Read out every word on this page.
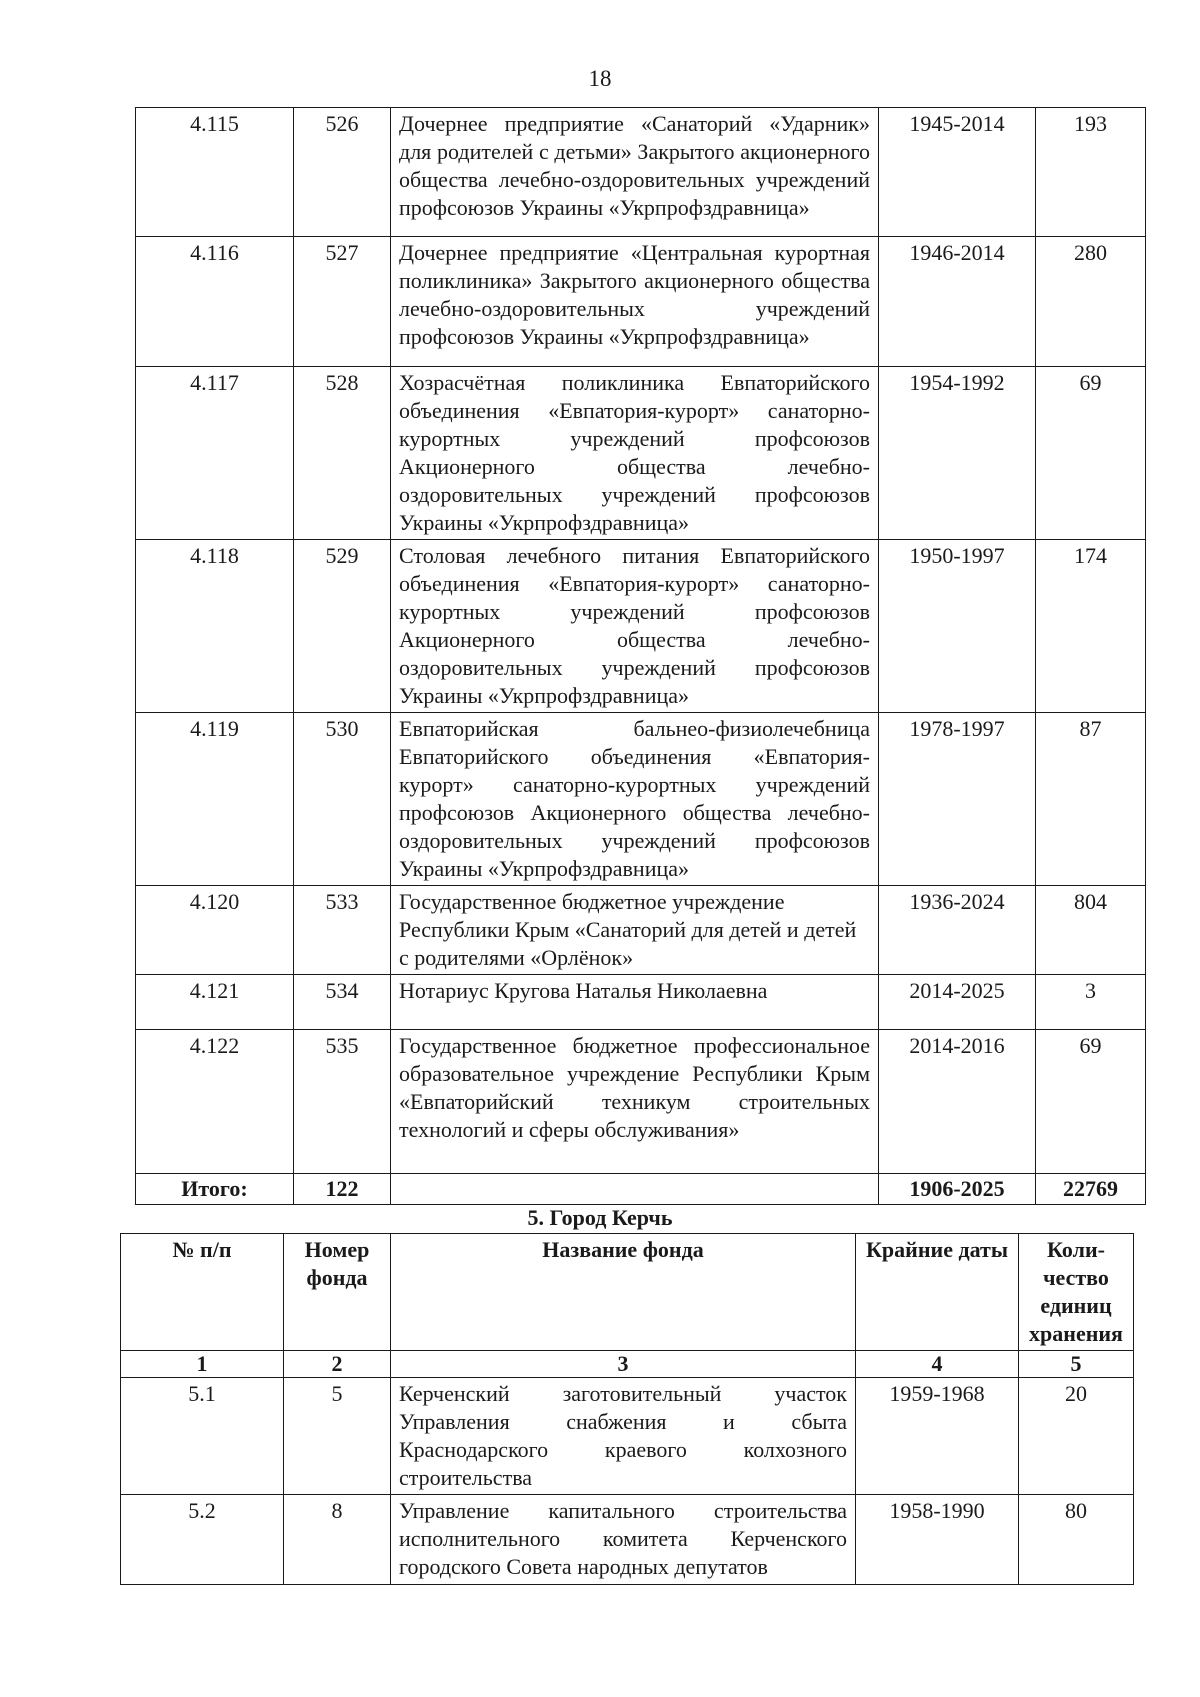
18
4.115	526	Дочернее предприятие «Санаторий «Ударник» для родителей с детьми» Закрытого акционерного общества лечебно-оздоровительных учреждений профсоюзов Украины «Укрпрофздравница»	1945-2014	193
4.116	527	Дочернее предприятие «Центральная курортная поликлиника» Закрытого акционерного общества лечебно-оздоровительных учреждений профсоюзов Украины «Укрпрофздравница»	1946-2014	280
4.117	528	Хозрасчётная поликлиника Евпаторийского объединения «Евпатория-курорт» санаторно-курортных учреждений профсоюзов Акционерного общества лечебно-оздоровительных учреждений профсоюзов Украины «Укрпрофздравница»	1954-1992	69
4.118	529	Столовая лечебного питания Евпаторийского объединения «Евпатория-курорт» санаторно-курортных учреждений профсоюзов Акционерного общества лечебно-оздоровительных учреждений профсоюзов Украины «Укрпрофздравница»	1950-1997	174
4.119	530	Евпаторийская бальнео-физиолечебница Евпаторийского объединения «Евпатория-курорт» санаторно-курортных учреждений профсоюзов Акционерного общества лечебно-оздоровительных учреждений профсоюзов Украины «Укрпрофздравница»	1978-1997	87
4.120	533	Государственное бюджетное учреждение Республики Крым «Санаторий для детей и детей с родителями «Орлёнок»	1936-2024	804
4.121	534	Нотариус Кругова Наталья Николаевна	2014-2025	3
4.122	535	Государственное бюджетное профессиональное образовательное учреждение Республики Крым «Евпаторийский техникум строительных технологий и сферы обслуживания»	2014-2016	69
Итого:	122		1906-2025	22769
5. Город Керчь
№ п/п	Номер фонда	Название фонда	Крайние даты	Коли-чество единиц хранения
1	2	3	4	5
5.1	5	Керченский заготовительный участок Управления снабжения и сбыта Краснодарского краевого колхозного строительства	1959-1968	20
5.2	8	Управление капитального строительства исполнительного комитета Керченского городского Совета народных депутатов	1958-1990	80
